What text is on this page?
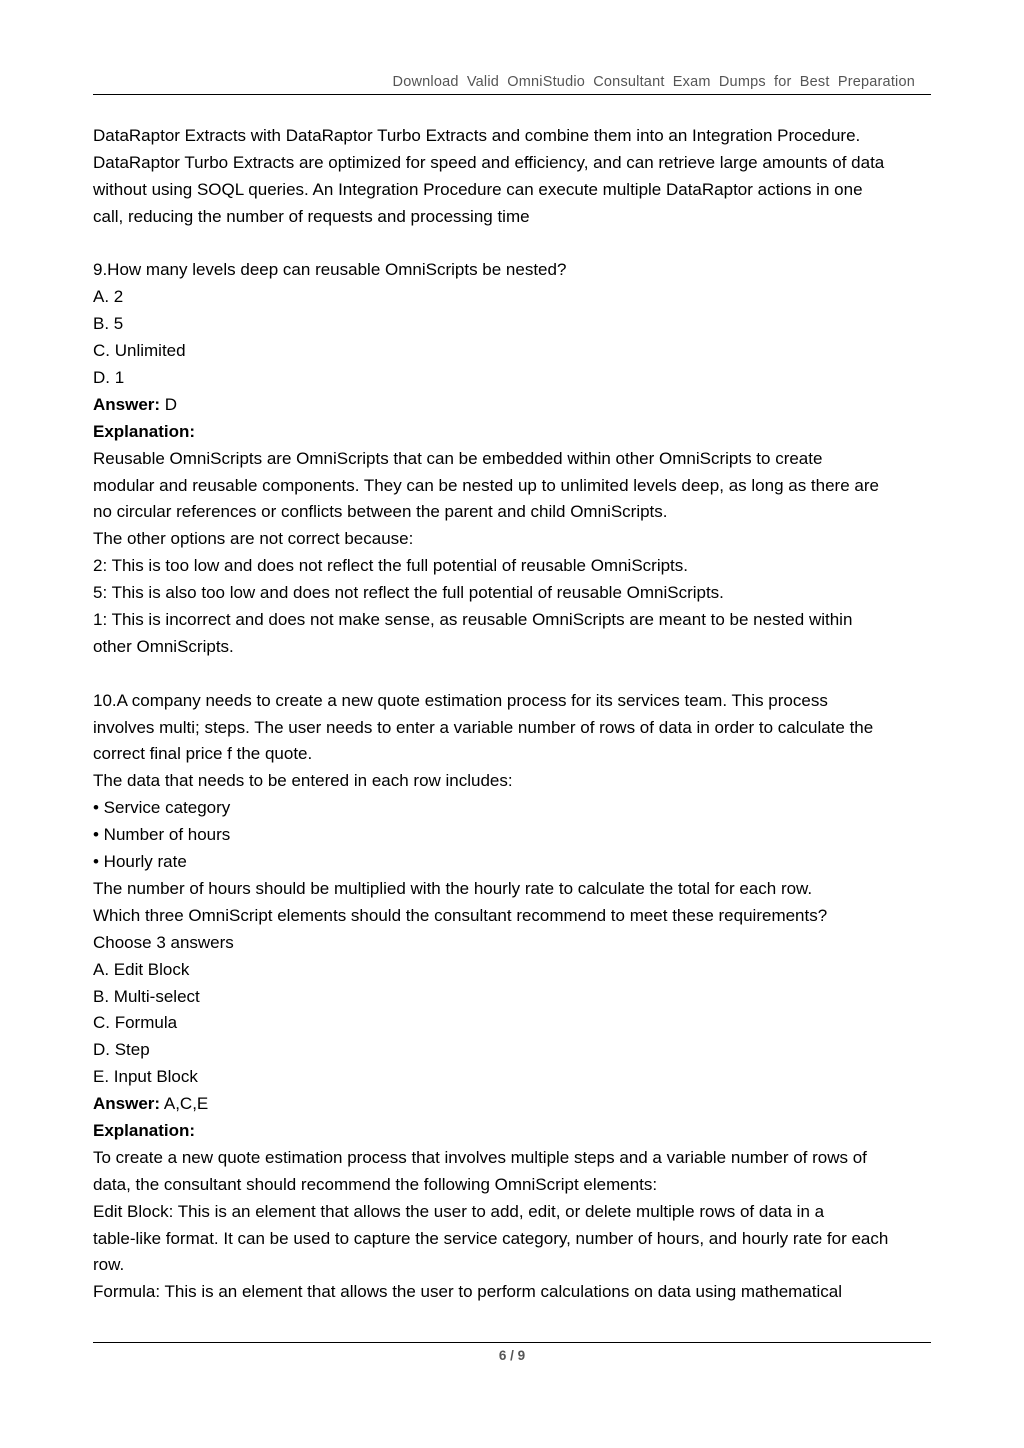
Download Valid OmniStudio Consultant Exam Dumps for Best Preparation
DataRaptor Extracts with DataRaptor Turbo Extracts and combine them into an Integration Procedure.
DataRaptor Turbo Extracts are optimized for speed and efficiency, and can retrieve large amounts of data
without using SOQL queries. An Integration Procedure can execute multiple DataRaptor actions in one
call, reducing the number of requests and processing time
9.How many levels deep can reusable OmniScripts be nested?
A. 2
B. 5
C. Unlimited
D. 1
Answer: D
Explanation:
Reusable OmniScripts are OmniScripts that can be embedded within other OmniScripts to create
modular and reusable components. They can be nested up to unlimited levels deep, as long as there are
no circular references or conflicts between the parent and child OmniScripts.
The other options are not correct because:
2: This is too low and does not reflect the full potential of reusable OmniScripts.
5: This is also too low and does not reflect the full potential of reusable OmniScripts.
1: This is incorrect and does not make sense, as reusable OmniScripts are meant to be nested within
other OmniScripts.
10.A company needs to create a new quote estimation process for its services team. This process
involves multi; steps. The user needs to enter a variable number of rows of data in order to calculate the
correct final price f the quote.
The data that needs to be entered in each row includes:
• Service category
• Number of hours
• Hourly rate
The number of hours should be multiplied with the hourly rate to calculate the total for each row.
Which three OmniScript elements should the consultant recommend to meet these requirements?
Choose 3 answers
A. Edit Block
B. Multi-select
C. Formula
D. Step
E. Input Block
Answer: A,C,E
Explanation:
To create a new quote estimation process that involves multiple steps and a variable number of rows of
data, the consultant should recommend the following OmniScript elements:
Edit Block: This is an element that allows the user to add, edit, or delete multiple rows of data in a
table-like format. It can be used to capture the service category, number of hours, and hourly rate for each
row.
Formula: This is an element that allows the user to perform calculations on data using mathematical
6 / 9
